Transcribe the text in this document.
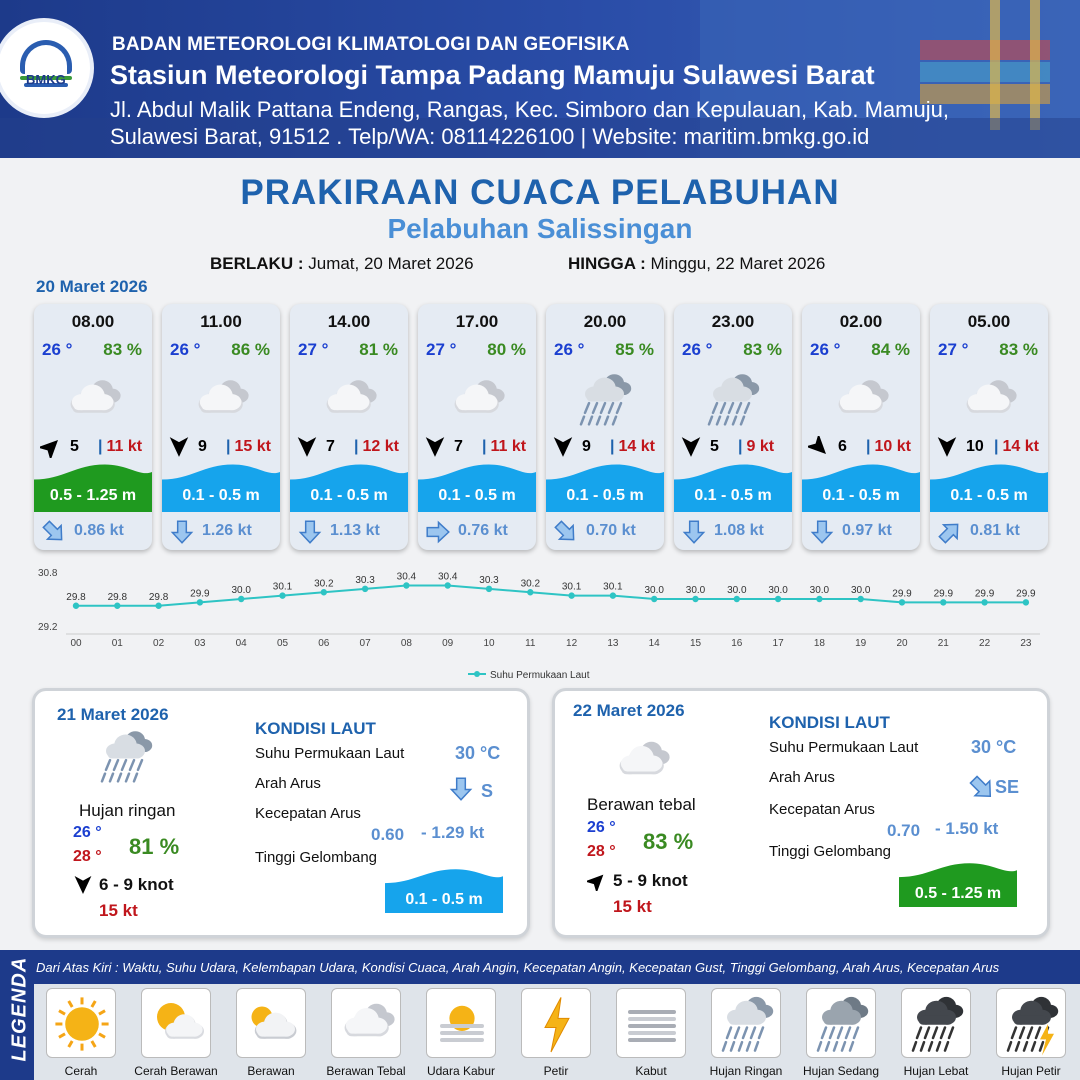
BMKG
BADAN METEOROLOGI KLIMATOLOGI DAN GEOFISIKA
Stasiun Meteorologi Tampa Padang Mamuju Sulawesi Barat
Jl. Abdul Malik Pattana Endeng, Rangas, Kec. Simboro dan Kepulauan, Kab. Mamuju,
Sulawesi Barat, 91512 . Telp/WA: 08114226100 | Website: maritim.bmkg.go.id
PRAKIRAAN CUACA PELABUHAN
Pelabuhan Salissingan
BERLAKU : Jumat, 20 Maret 2026	HINGGA : Minggu, 22 Maret 2026
20 Maret 2026
08.00
26 ° 83 %
5 | 11 kt
0.5 - 1.25 m
0.86 kt
11.00
26 ° 86 %
9 | 15 kt
0.1 - 0.5 m
1.26 kt
14.00
27 ° 81 %
7 | 12 kt
0.1 - 0.5 m
1.13 kt
17.00
27 ° 80 %
7 | 11 kt
0.1 - 0.5 m
0.76 kt
20.00
26 ° 85 %
9 | 14 kt
0.1 - 0.5 m
0.70 kt
23.00
26 ° 83 %
5 | 9 kt
0.1 - 0.5 m
1.08 kt
02.00
26 ° 84 %
6 | 10 kt
0.1 - 0.5 m
0.97 kt
05.00
27 ° 83 %
10 | 14 kt
0.1 - 0.5 m
0.81 kt
30.8
29.2
29.8
00
29.8
01
29.8
02
29.9
03
30.0
04
30.1
05
30.2
06
30.3
07
30.4
08
30.4
09
30.3
10
30.2
11
30.1
12
30.1
13
30.0
14
30.0
15
30.0
16
30.0
17
30.0
18
30.0
19
29.9
20
29.9
21
29.9
22
29.9
23
Suhu Permukaan Laut
21 Maret 2026
Hujan ringan
26 °
28 ° 81 %
6 - 9 knot
15 kt
KONDISI LAUT
Suhu Permukaan Laut	30 °C
Arah Arus	S
Kecepatan Arus
0.60 - 1.29 kt
Tinggi Gelombang
0.1 - 0.5 m
22 Maret 2026
Berawan tebal
26 °
28 ° 83 %
5 - 9 knot
15 kt
KONDISI LAUT
Suhu Permukaan Laut	30 °C
Arah Arus	SE
Kecepatan Arus
0.70 - 1.50 kt
Tinggi Gelombang
0.5 - 1.25 m
LEGENDA Dari Atas Kiri : Waktu, Suhu Udara, Kelembapan Udara, Kondisi Cuaca, Arah Angin, Kecepatan Angin, Kecepatan Gust, Tinggi Gelombang, Arah Arus, Kecepatan Arus
Cerah	Cerah Berawan	Berawan	Berawan Tebal	Udara Kabur	Petir	Kabut	Hujan Ringan	Hujan Sedang	Hujan Lebat	Hujan Petir
